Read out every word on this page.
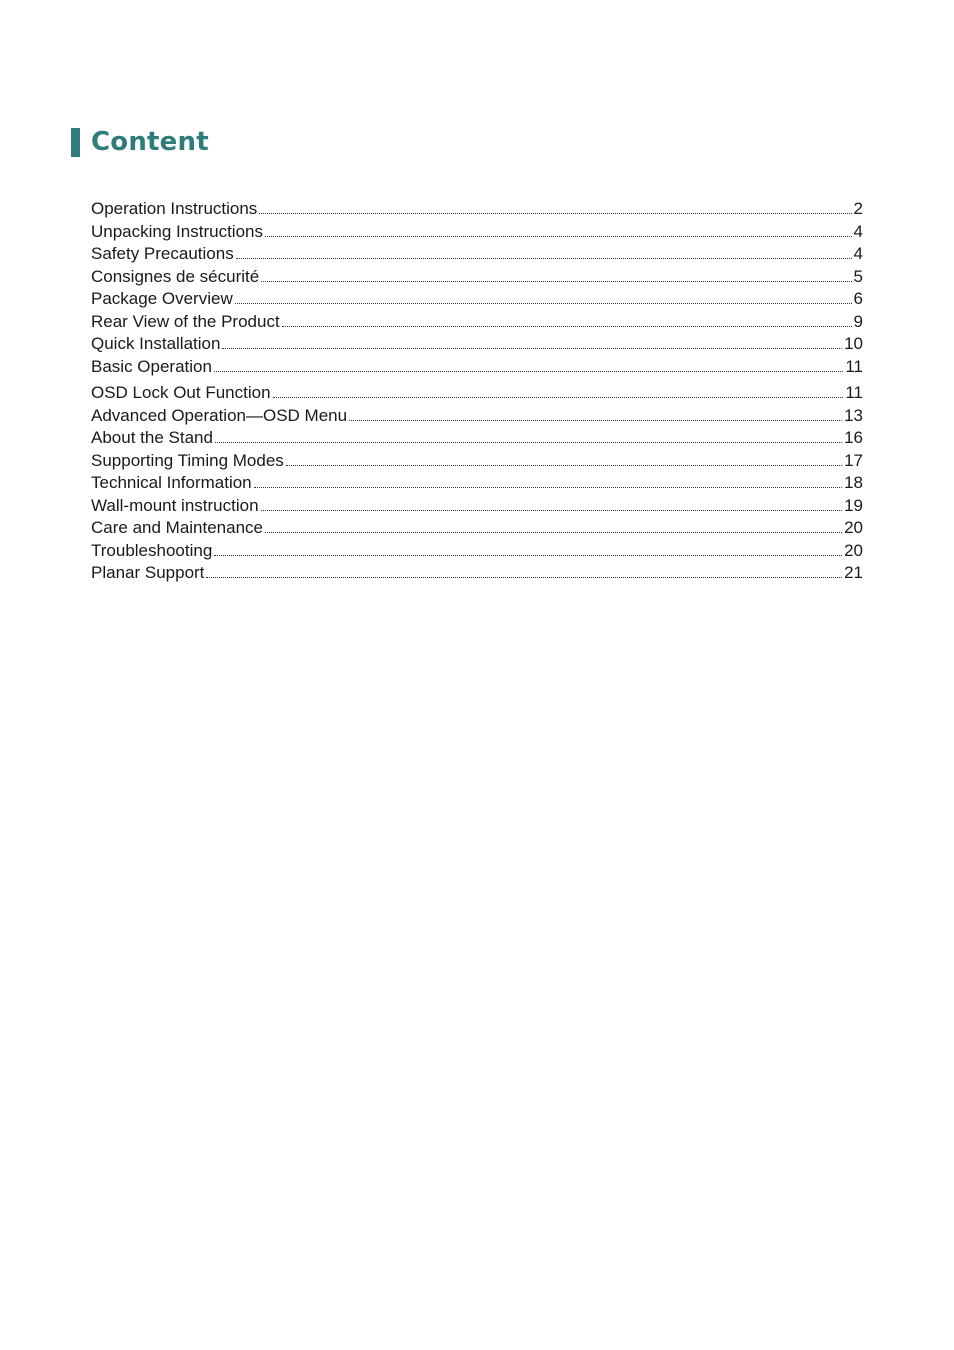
Content
Operation Instructions	2
Unpacking Instructions	4
Safety Precautions	4
Consignes de sécurité	5
Package Overview	6
Rear View of the Product	9
Quick Installation	10
Basic Operation	11
OSD Lock Out Function	11
Advanced Operation—OSD Menu	13
About the Stand	16
Supporting Timing Modes	17
Technical Information	18
Wall-mount instruction	19
Care and Maintenance	20
Troubleshooting	20
Planar Support	21
